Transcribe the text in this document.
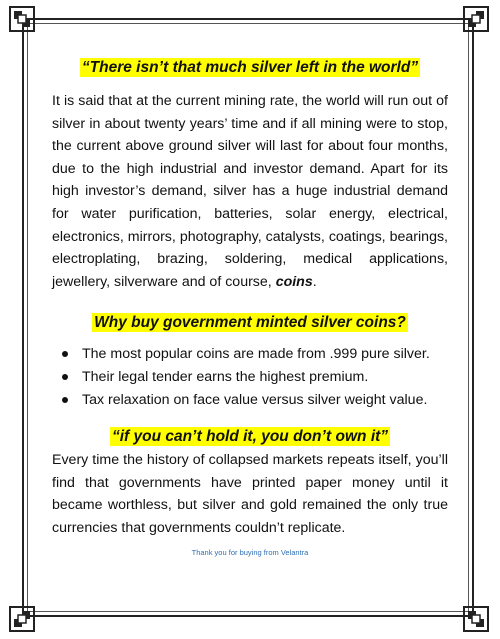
“There isn’t that much silver left in the world”

It is said that at the current mining rate, the world will run out of silver in about twenty years’ time and if all mining were to stop, the current above ground silver will last for about four months, due to the high industrial and investor demand. Apart for its high investor’s demand, silver has a huge industrial demand for water purification, batteries, solar energy, electrical, electronics, mirrors, photography, catalysts, coatings, bearings, electroplating, brazing, soldering, medical applications, jewellery, silverware and of course, coins.

Why buy government minted silver coins?
The most popular coins are made from .999 pure silver.
Their legal tender earns the highest premium.
Tax relaxation on face value versus silver weight value.
“if you can’t hold it, you don’t own it”

Every time the history of collapsed markets repeats itself, you’ll find that governments have printed paper money until it became worthless, but silver and gold remained the only true currencies that governments couldn’t replicate.

Thank you for buying from Velantra
